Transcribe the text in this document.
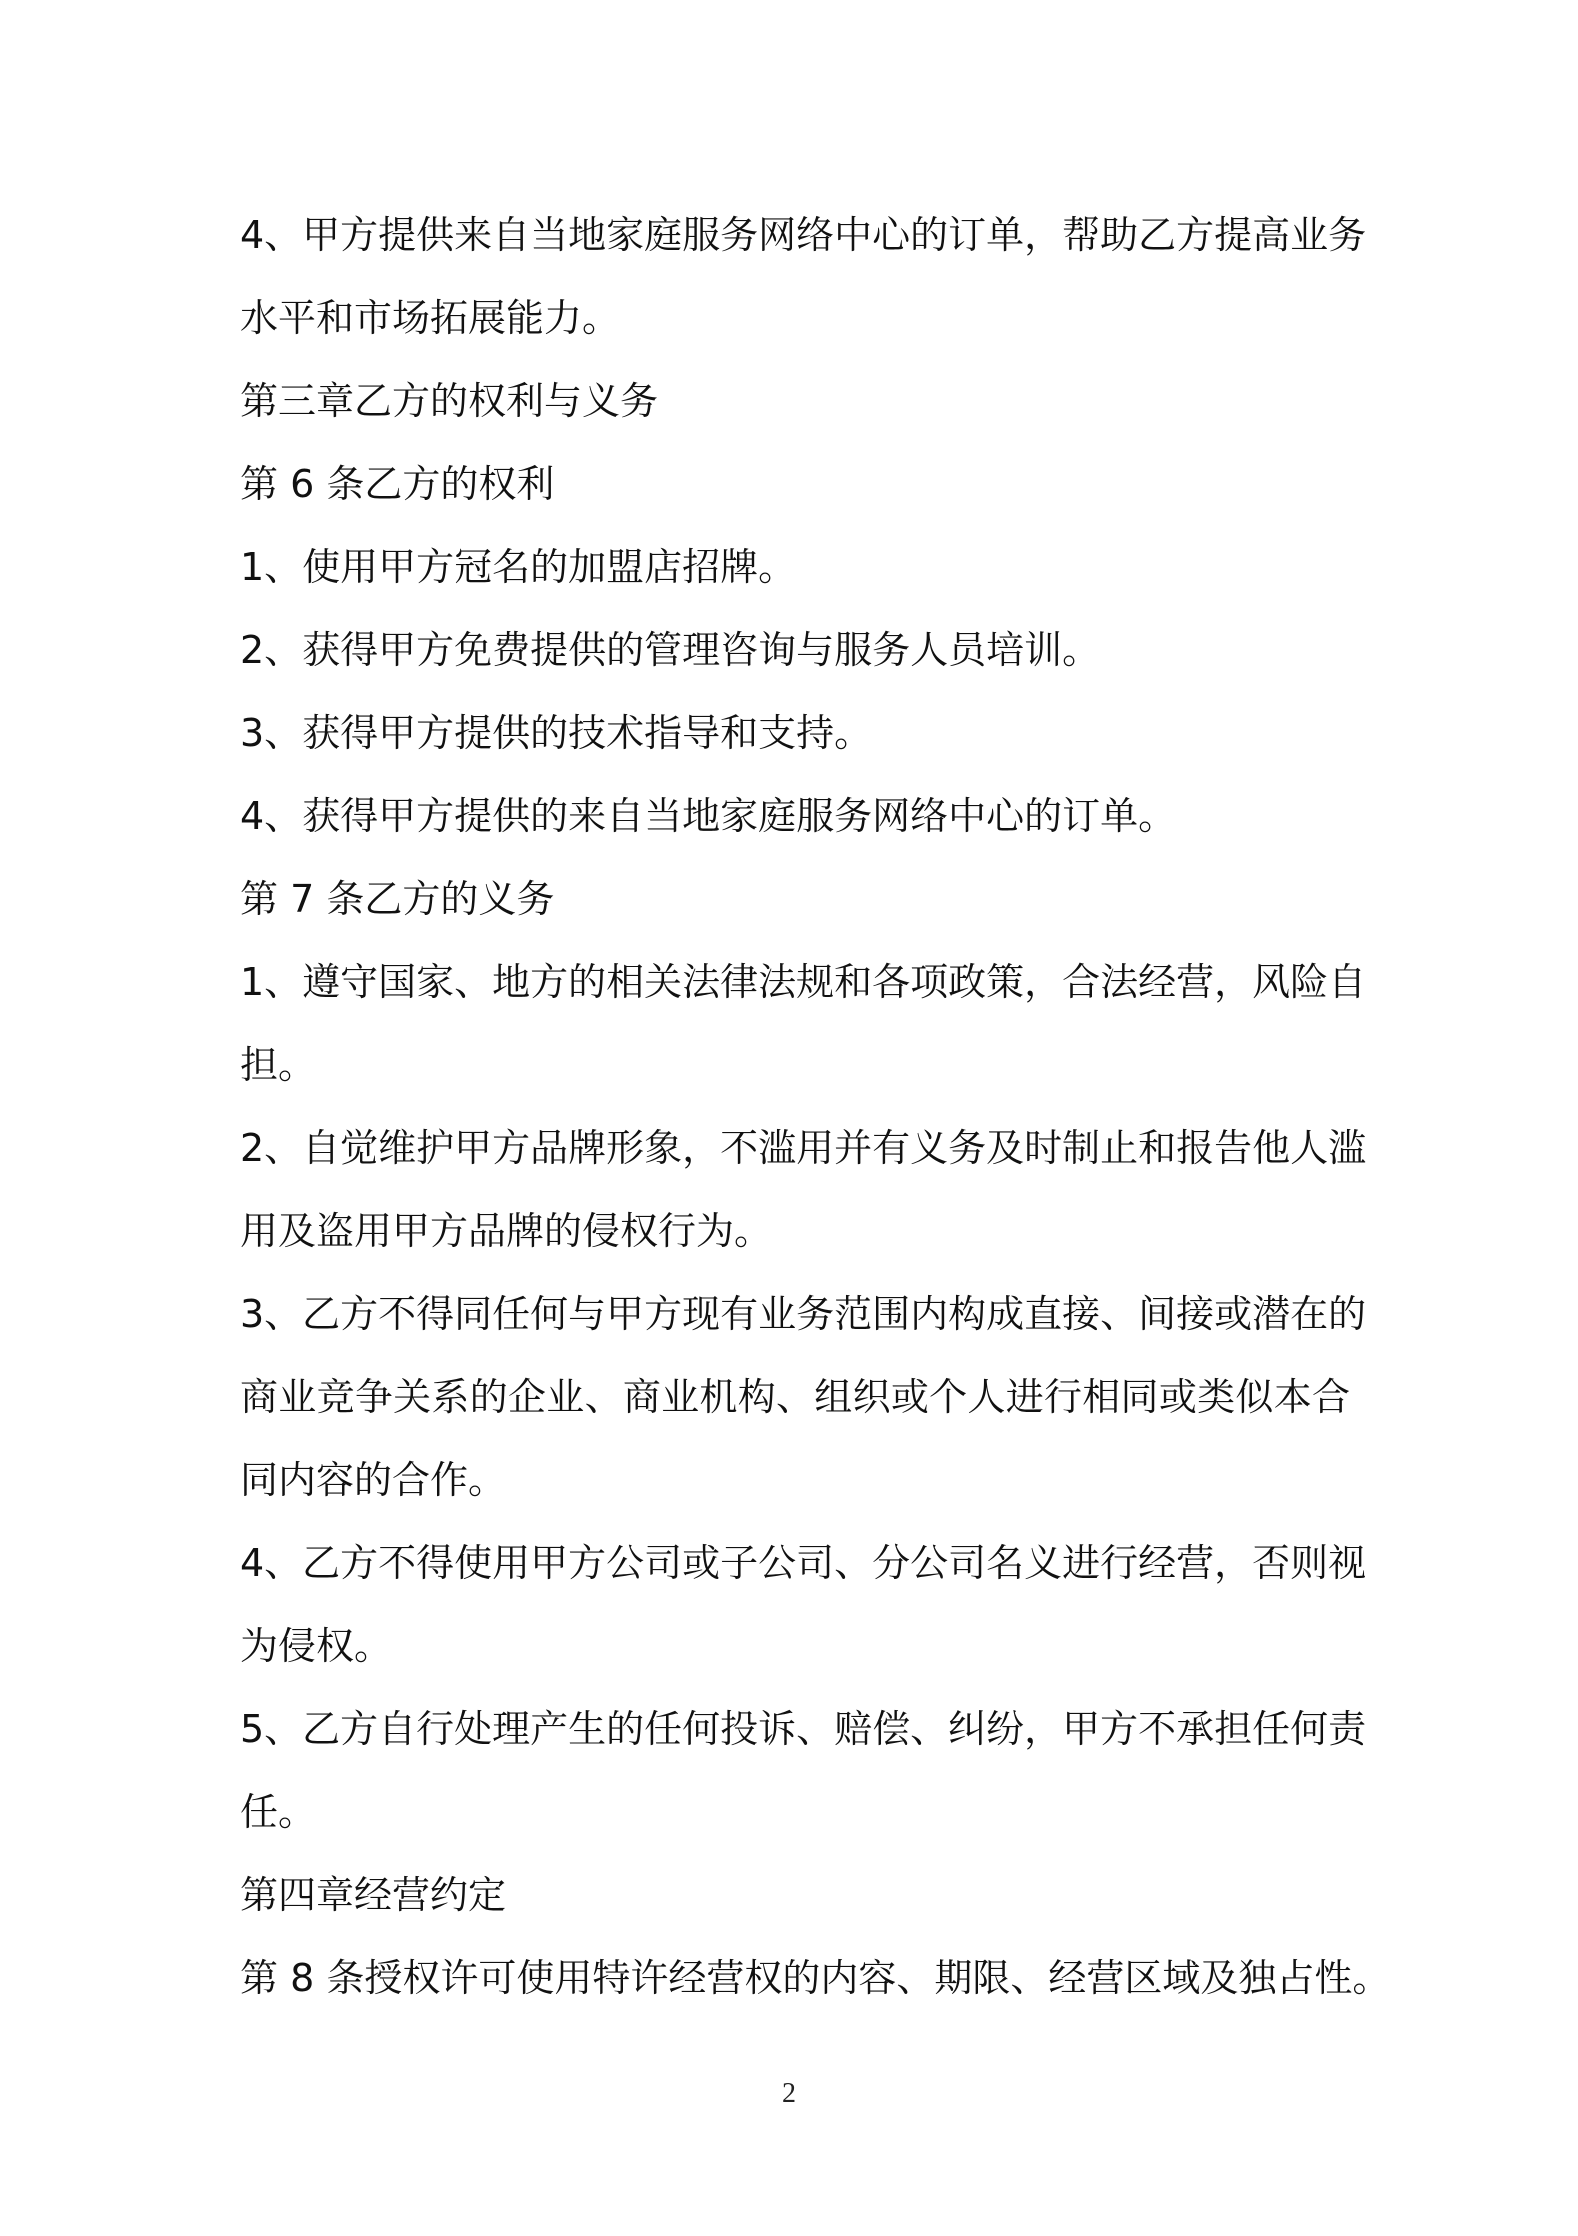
4、甲方提供来自当地家庭服务网络中心的订单，帮助乙方提高业务
水平和市场拓展能力。
第三章乙方的权利与义务
第 6 条乙方的权利
1、使用甲方冠名的加盟店招牌。
2、获得甲方免费提供的管理咨询与服务人员培训。
3、获得甲方提供的技术指导和支持。
4、获得甲方提供的来自当地家庭服务网络中心的订单。
第 7 条乙方的义务
1、遵守国家、地方的相关法律法规和各项政策，合法经营，风险自
担。
2、自觉维护甲方品牌形象，不滥用并有义务及时制止和报告他人滥
用及盗用甲方品牌的侵权行为。
3、乙方不得同任何与甲方现有业务范围内构成直接、间接或潜在的
商业竞争关系的企业、商业机构、组织或个人进行相同或类似本合
同内容的合作。
4、乙方不得使用甲方公司或子公司、分公司名义进行经营，否则视
为侵权。
5、乙方自行处理产生的任何投诉、赔偿、纠纷，甲方不承担任何责
任。
第四章经营约定
第 8 条授权许可使用特许经营权的内容、期限、经营区域及独占性。
2
